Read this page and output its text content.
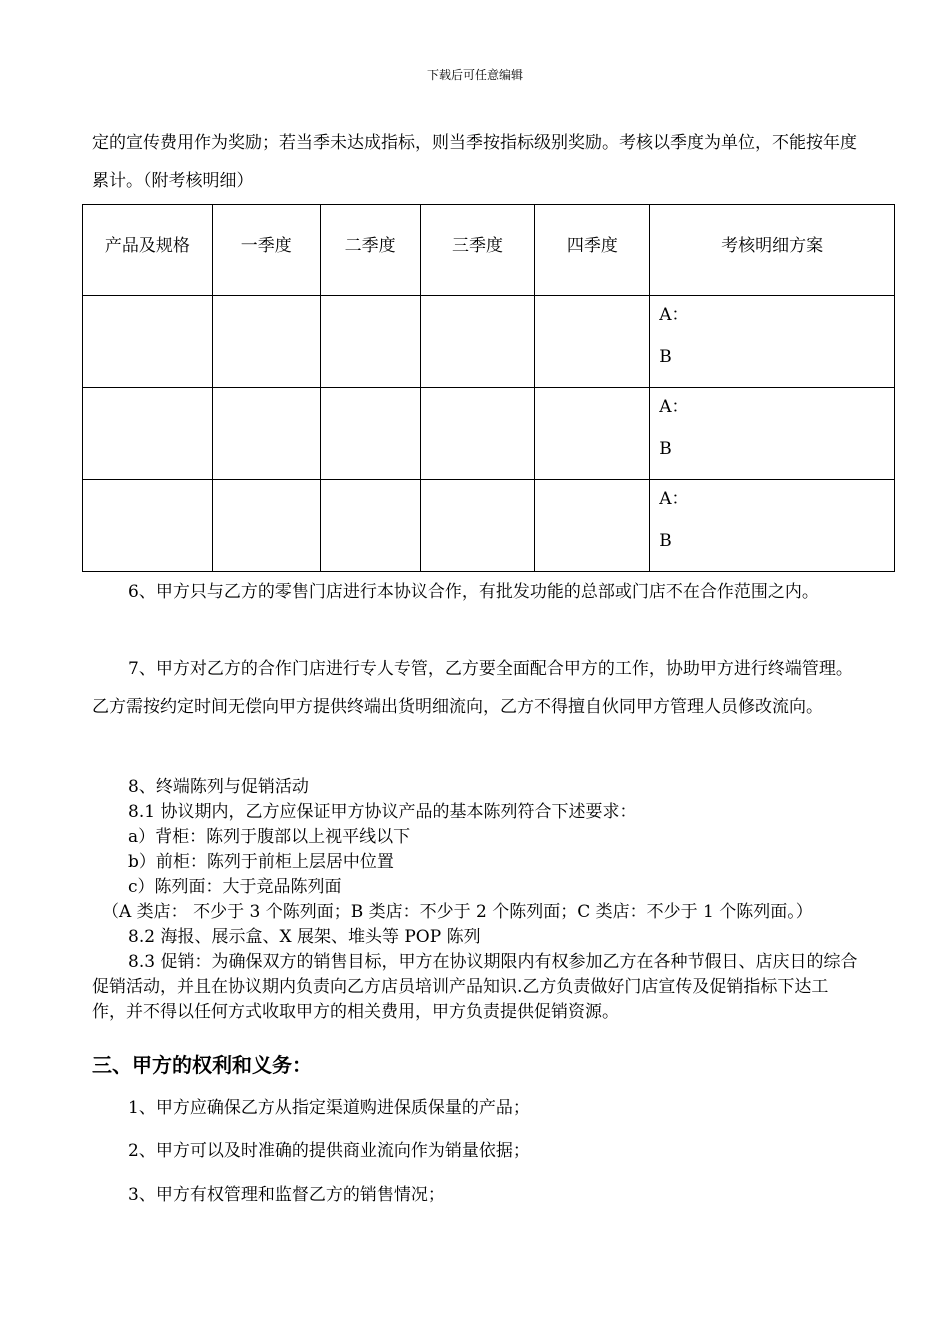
下载后可任意编辑
定的宣传费用作为奖励；若当季未达成指标，则当季按指标级别奖励。考核以季度为单位，不能按年度累计。（附考核明细）
产品及规格	一季度	二季度	三季度	四季度	考核明细方案

					A：
B

					A：
B

					A：
B
6、甲方只与乙方的零售门店进行本协议合作，有批发功能的总部或门店不在合作范围之内。
7、甲方对乙方的合作门店进行专人专管，乙方要全面配合甲方的工作，协助甲方进行终端管理。乙方需按约定时间无偿向甲方提供终端出货明细流向，乙方不得擅自伙同甲方管理人员修改流向。
8、终端陈列与促销活动
8.1 协议期内，乙方应保证甲方协议产品的基本陈列符合下述要求：
a）背柜：陈列于腹部以上视平线以下
b）前柜：陈列于前柜上层居中位置
c）陈列面：大于竞品陈列面
（A 类店： 不少于 3 个陈列面；B 类店：不少于 2 个陈列面；C 类店：不少于 1 个陈列面。）
8.2 海报、展示盒、X 展架、堆头等 POP 陈列
8.3 促销：为确保双方的销售目标，甲方在协议期限内有权参加乙方在各种节假日、店庆日的综合促销活动，并且在协议期内负责向乙方店员培训产品知识.乙方负责做好门店宣传及促销指标下达工作，并不得以任何方式收取甲方的相关费用，甲方负责提供促销资源。
三、甲方的权利和义务：
1、甲方应确保乙方从指定渠道购进保质保量的产品；
2、甲方可以及时准确的提供商业流向作为销量依据；
3、甲方有权管理和监督乙方的销售情况；
